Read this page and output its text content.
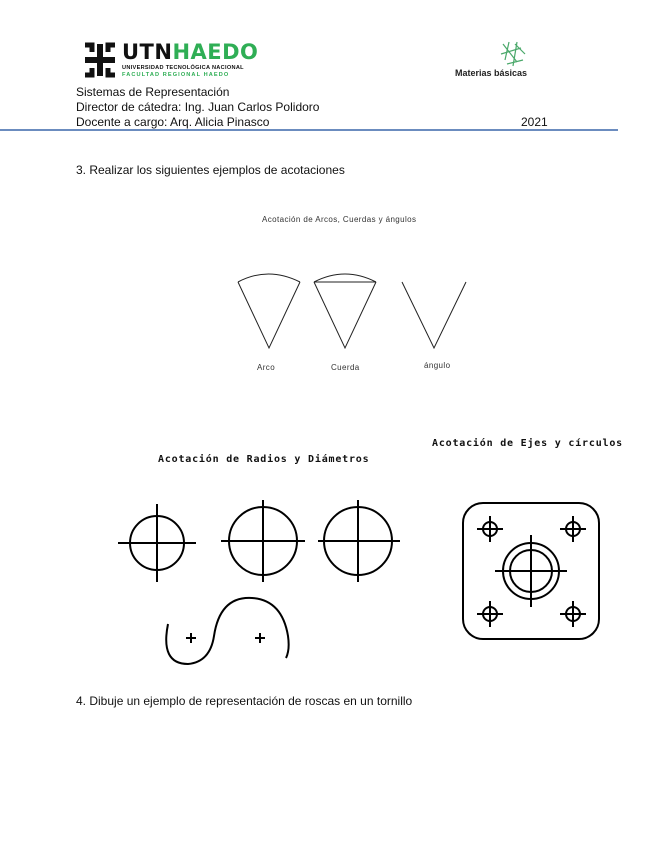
UTNHAEDO
UNIVERSIDAD TECNOLÓGICA NACIONAL
FACULTAD REGIONAL HAEDO	Materias básicas
Sistemas de Representación
Director de cátedra: Ing. Juan Carlos Polidoro
Docente a cargo: Arq. Alicia Pinasco	2021
3. Realizar los siguientes ejemplos de acotaciones
Acotación de Arcos, Cuerdas y ángulos
Arco	Cuerda	ángulo
Acotación de Ejes y círculos
Acotación de Radios y Diámetros
4. Dibuje un ejemplo de representación de roscas en un tornillo
